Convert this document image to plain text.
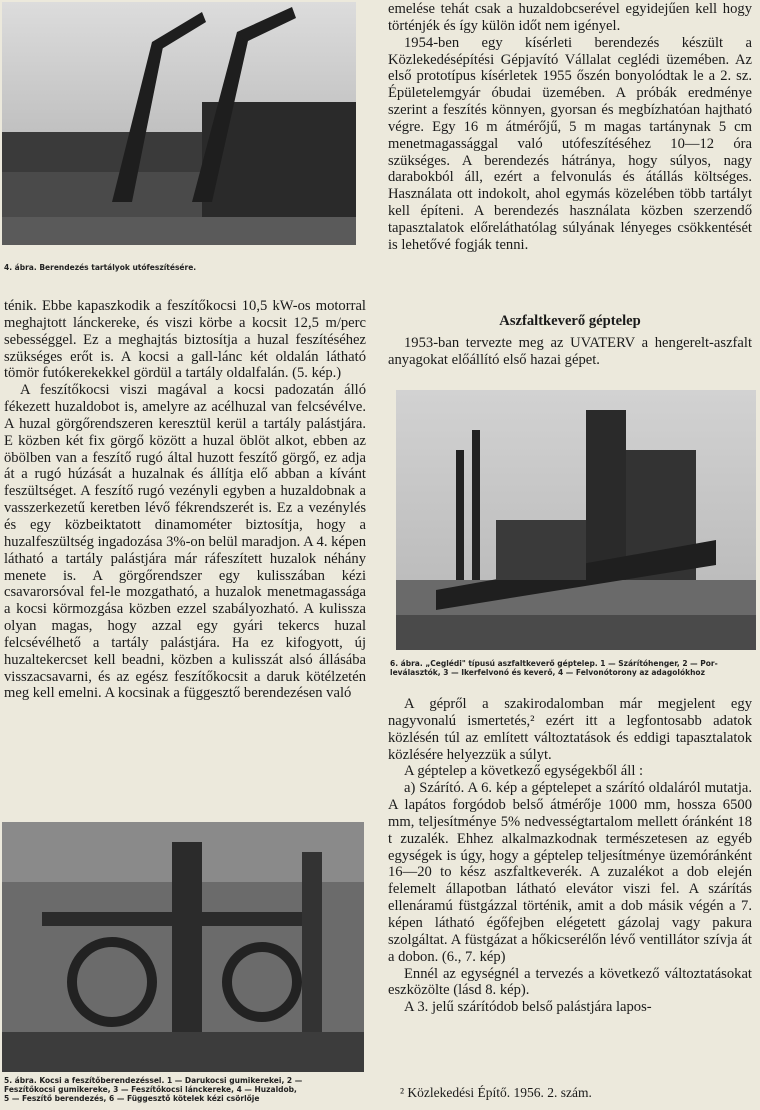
4. ábra. Berendezés tartályok utófeszítésére.

ténik. Ebbe kapaszkodik a feszítőkocsi 10,5 kW-os motorral meghajtott lánckereke, és viszi körbe a kocsit 12,5 m/perc sebességgel. Ez a meghajtás biztosítja a huzal feszítéséhez szükséges erőt is. A kocsi a gall-lánc két oldalán látható tömör futókerekekkel gördül a tartály oldalfalán. (5. kép.)

A feszítőkocsi viszi magával a kocsi padozatán álló fékezett huzaldobot is, amelyre az acélhuzal van felcsévélve. A huzal görgőrendszeren keresztül kerül a tartály palástjára. E közben két fix görgő között a huzal öblöt alkot, ebben az öbölben van a feszítő rugó által huzott feszítő görgő, ez adja át a rugó húzását a huzalnak és állítja elő abban a kívánt feszültséget. A feszítő rugó vezényli egyben a huzaldobnak a vasszerkezetű keretben lévő fékrendszerét is. Ez a vezénylés és egy közbeiktatott dinamométer biztosítja, hogy a huzalfeszültség ingadozása 3%-on belül maradjon. A 4. képen látható a tartály palástjára már ráfeszített huzalok néhány menete is. A görgőrendszer egy kulisszában kézi csavarorsóval fel-le mozgatható, a huzalok menetmagassága a kocsi körmozgása közben ezzel szabályozható. A kulissza olyan magas, hogy azzal egy gyári tekercs huzal felcsévélhető a tartály palástjára. Ha ez kifogyott, új huzaltekercset kell beadni, közben a kulisszát alsó állásába visszacsavarni, és az egész feszítőkocsit a daruk kötélzetén meg kell emelni. A kocsinak a függesztő berendezésen való

5. ábra. Kocsi a feszítőberendezéssel. 1 — Darukocsi gumikerekei, 2 —
Feszítőkocsi gumikereke, 3 — Feszítőkocsi lánckereke, 4 — Huzaldob,
5 — Feszítő berendezés, 6 — Függesztő kötelek kézi csörlője

emelése tehát csak a huzaldobcserével egyidejűen kell hogy történjék és így külön időt nem igényel.

1954-ben egy kísérleti berendezés készült a Közlekedésépítési Gépjavító Vállalat ceglédi üzemében. Az első prototípus kísérletek 1955 őszén bonyolódtak le a 2. sz. Épületelemgyár óbudai üzemében. A próbák eredménye szerint a feszítés könnyen, gyorsan és megbízhatóan hajtható végre. Egy 16 m átmérőjű, 5 m magas tartánynak 5 cm menetmagassággal való utófeszítéséhez 10—12 óra szükséges. A berendezés hátránya, hogy súlyos, nagy darabokból áll, ezért a felvonulás és átállás költséges. Használata ott indokolt, ahol egymás közelében több tartályt kell építeni. A berendezés használata közben szerzendő tapasztalatok előreláthatólag súlyának lényeges csökkentését is lehetővé fogják tenni.

Aszfaltkeverő géptelep

1953-ban tervezte meg az UVATERV a hengerelt-aszfalt anyagokat előállító első hazai gépet.

6. ábra. „Ceglédi" típusú aszfaltkeverő géptelep. 1 — Szárítóhenger, 2 — Por-
leválasztók, 3 — Ikerfelvonó és keverő, 4 — Felvonótorony az adagolókhoz

A gépről a szakirodalomban már megjelent egy nagyvonalú ismertetés,² ezért itt a legfontosabb adatok közlésén túl az említett változtatások és eddigi tapasztalatok közlésére helyezzük a súlyt.

A géptelep a következő egységekből áll :

a) Szárító. A 6. kép a géptelepet a szárító oldaláról mutatja. A lapátos forgódob belső átmérője 1000 mm, hossza 6500 mm, teljesítménye 5% nedvességtartalom mellett óránként 18 t zuzalék. Ehhez alkalmazkodnak természetesen az egyéb egységek is úgy, hogy a géptelep teljesítménye üzemóránként 16—20 to kész aszfaltkeverék. A zuzalékot a dob elején felemelt állapotban látható elevátor viszi fel. A szárítás ellenáramú füstgázzal történik, amit a dob másik végén a 7. képen látható égőfejben elégetett gázolaj vagy pakura szolgáltat. A füstgázat a hőkicserélőn lévő ventillátor szívja át a dobon. (6., 7. kép)

Ennél az egységnél a tervezés a következő változtatásokat eszközölte (lásd 8. kép).

A 3. jelű szárítódob belső palástjára lapos-

² Közlekedési Építő. 1956. 2. szám.
